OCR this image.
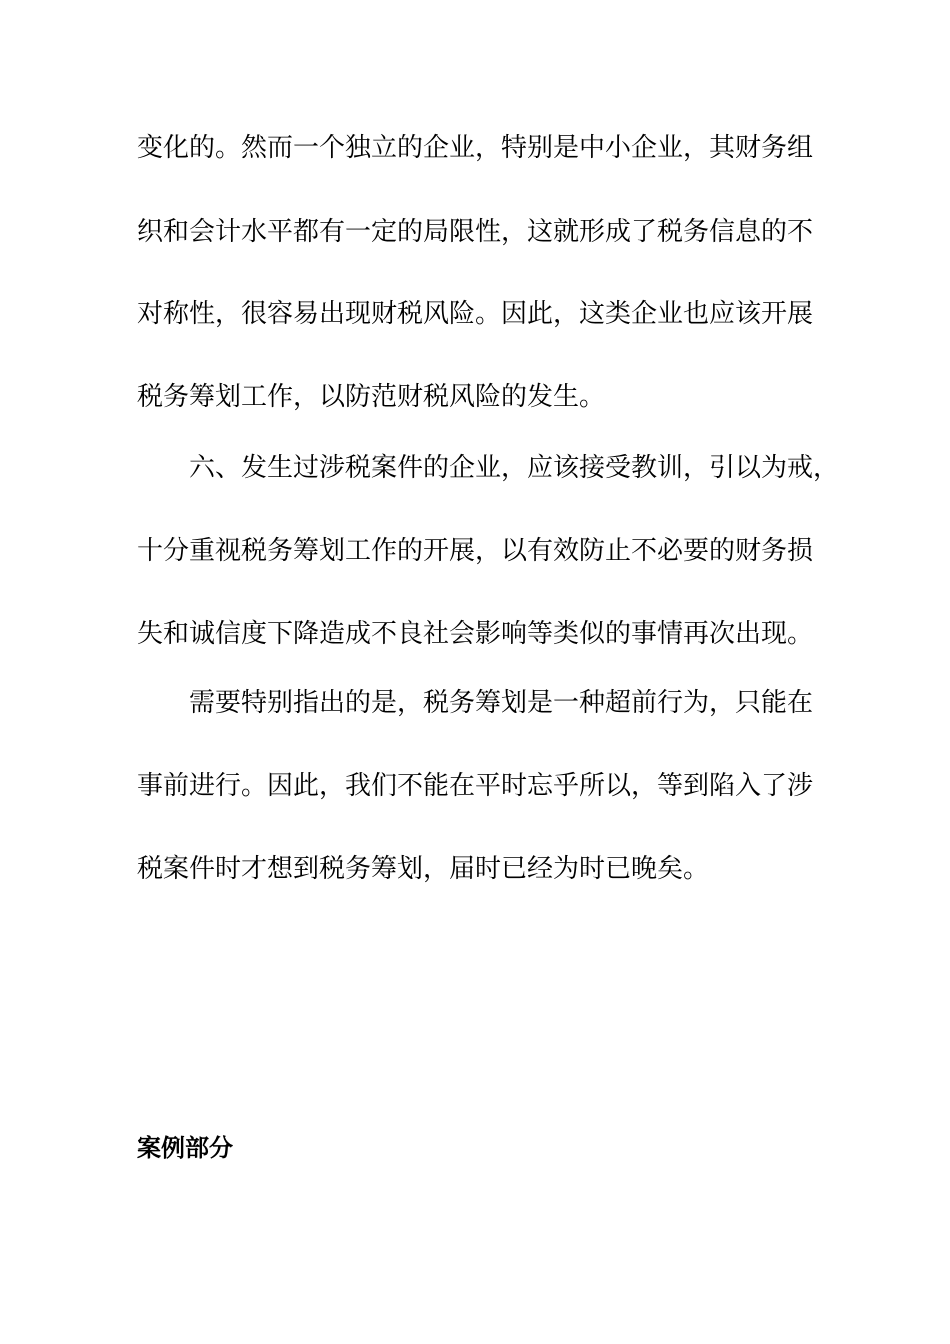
变化的。然而一个独立的企业，特别是中小企业，其财务组
织和会计水平都有一定的局限性，这就形成了税务信息的不
对称性，很容易出现财税风险。因此，这类企业也应该开展
税务筹划工作，以防范财税风险的发生。
六、发生过涉税案件的企业，应该接受教训，引以为戒，
十分重视税务筹划工作的开展，以有效防止不必要的财务损
失和诚信度下降造成不良社会影响等类似的事情再次出现。
需要特别指出的是，税务筹划是一种超前行为，只能在
事前进行。因此，我们不能在平时忘乎所以，等到陷入了涉
税案件时才想到税务筹划，届时已经为时已晚矣。
案例部分
